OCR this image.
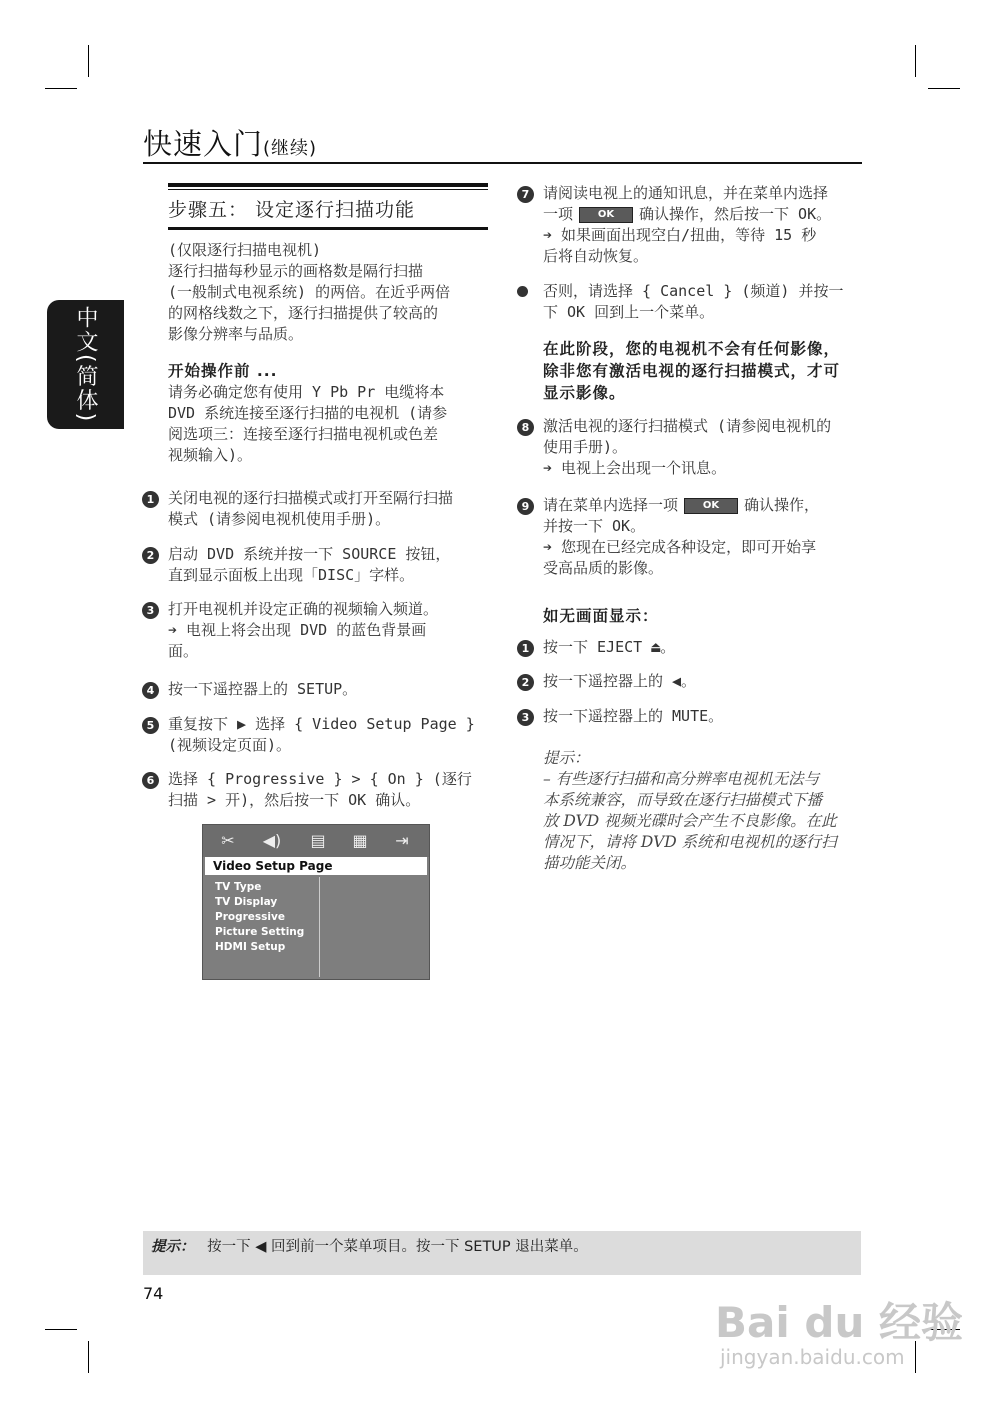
快速入门(继续)
中文(简体)
步骤五： 设定逐行扫描功能
(仅限逐行扫描电视机)
逐行扫描每秒显示的画格数是隔行扫描
(一般制式电视系统) 的两倍。在近乎两倍
的网格线数之下，逐行扫描提供了较高的
影像分辨率与品质。
开始操作前 ...
请务必确定您有使用 Y Pb Pr 电缆将本
DVD 系统连接至逐行扫描的电视机 (请参
阅选项三：连接至逐行扫描电视机或色差
视频输入)。
1 关闭电视的逐行扫描模式或打开至隔行扫描
模式 (请参阅电视机使用手册)。
2 启动 DVD 系统并按一下 SOURCE 按钮，
直到显示面板上出现「DISC」字样。
3 打开电视机并设定正确的视频输入频道。
➔ 电视上将会出现 DVD 的蓝色背景画
面。
4 按一下遥控器上的 SETUP。
5 重复按下 ▶ 选择 { Video Setup Page }
(视频设定页面)。
6 选择 { Progressive } > { On } (逐行
扫描 > 开)，然后按一下 OK 确认。
✂ ◀) ▤ ▦ ⇥
Video Setup Page
TV Type
TV Display
Progressive
Picture Setting
HDMI Setup
7 请阅读电视上的通知讯息，并在菜单内选择
一项 OK 确认操作，然后按一下 OK。
➔ 如果画面出现空白/扭曲，等待 15 秒
后将自动恢复。
否则，请选择 { Cancel } (频道) 并按一
下 OK 回到上一个菜单。
在此阶段，您的电视机不会有任何影像，
除非您有激活电视的逐行扫描模式，才可
显示影像。
8 激活电视的逐行扫描模式 (请参阅电视机的
使用手册)。
➔ 电视上会出现一个讯息。
9 请在菜单内选择一项 OK 确认操作，
并按一下 OK。
➔ 您现在已经完成各种设定，即可开始享
受高品质的影像。
如无画面显示：
1 按一下 EJECT ⏏。
2 按一下遥控器上的 ◀。
3 按一下遥控器上的 MUTE。
提示：
– 有些逐行扫描和高分辨率电视机无法与
本系统兼容，而导致在逐行扫描模式下播
放 DVD 视频光碟时会产生不良影像。在此
情况下，请将 DVD 系统和电视机的逐行扫
描功能关闭。
提示： 按一下 ◀ 回到前一个菜单项目。按一下 SETUP 退出菜单。
74
Bai du 经验
jingyan.baidu.com
